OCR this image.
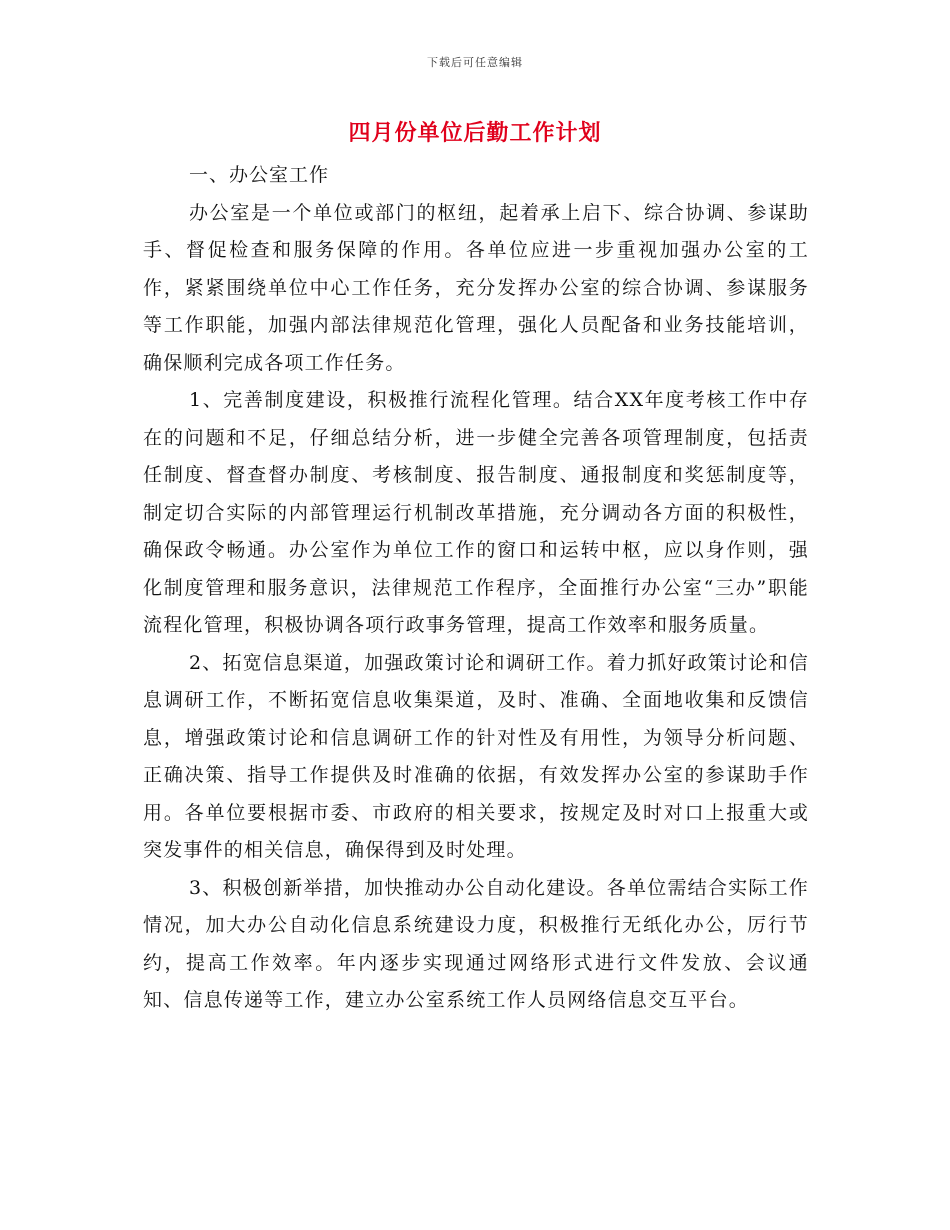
下载后可任意编辑
四月份单位后勤工作计划

一、办公室工作

办公室是一个单位或部门的枢纽，起着承上启下、综合协调、参谋助手、督促检查和服务保障的作用。各单位应进一步重视加强办公室的工作，紧紧围绕单位中心工作任务，充分发挥办公室的综合协调、参谋服务等工作职能，加强内部法律规范化管理，强化人员配备和业务技能培训，确保顺利完成各项工作任务。

1、完善制度建设，积极推行流程化管理。结合XX年度考核工作中存在的问题和不足，仔细总结分析，进一步健全完善各项管理制度，包括责任制度、督查督办制度、考核制度、报告制度、通报制度和奖惩制度等，制定切合实际的内部管理运行机制改革措施，充分调动各方面的积极性，确保政令畅通。办公室作为单位工作的窗口和运转中枢，应以身作则，强化制度管理和服务意识，法律规范工作程序，全面推行办公室“三办”职能流程化管理，积极协调各项行政事务管理，提高工作效率和服务质量。

2、拓宽信息渠道，加强政策讨论和调研工作。着力抓好政策讨论和信息调研工作，不断拓宽信息收集渠道，及时、准确、全面地收集和反馈信息，增强政策讨论和信息调研工作的针对性及有用性，为领导分析问题、正确决策、指导工作提供及时准确的依据，有效发挥办公室的参谋助手作用。各单位要根据市委、市政府的相关要求，按规定及时对口上报重大或突发事件的相关信息，确保得到及时处理。

3、积极创新举措，加快推动办公自动化建设。各单位需结合实际工作情况，加大办公自动化信息系统建设力度，积极推行无纸化办公，厉行节约，提高工作效率。年内逐步实现通过网络形式进行文件发放、会议通知、信息传递等工作，建立办公室系统工作人员网络信息交互平台。
